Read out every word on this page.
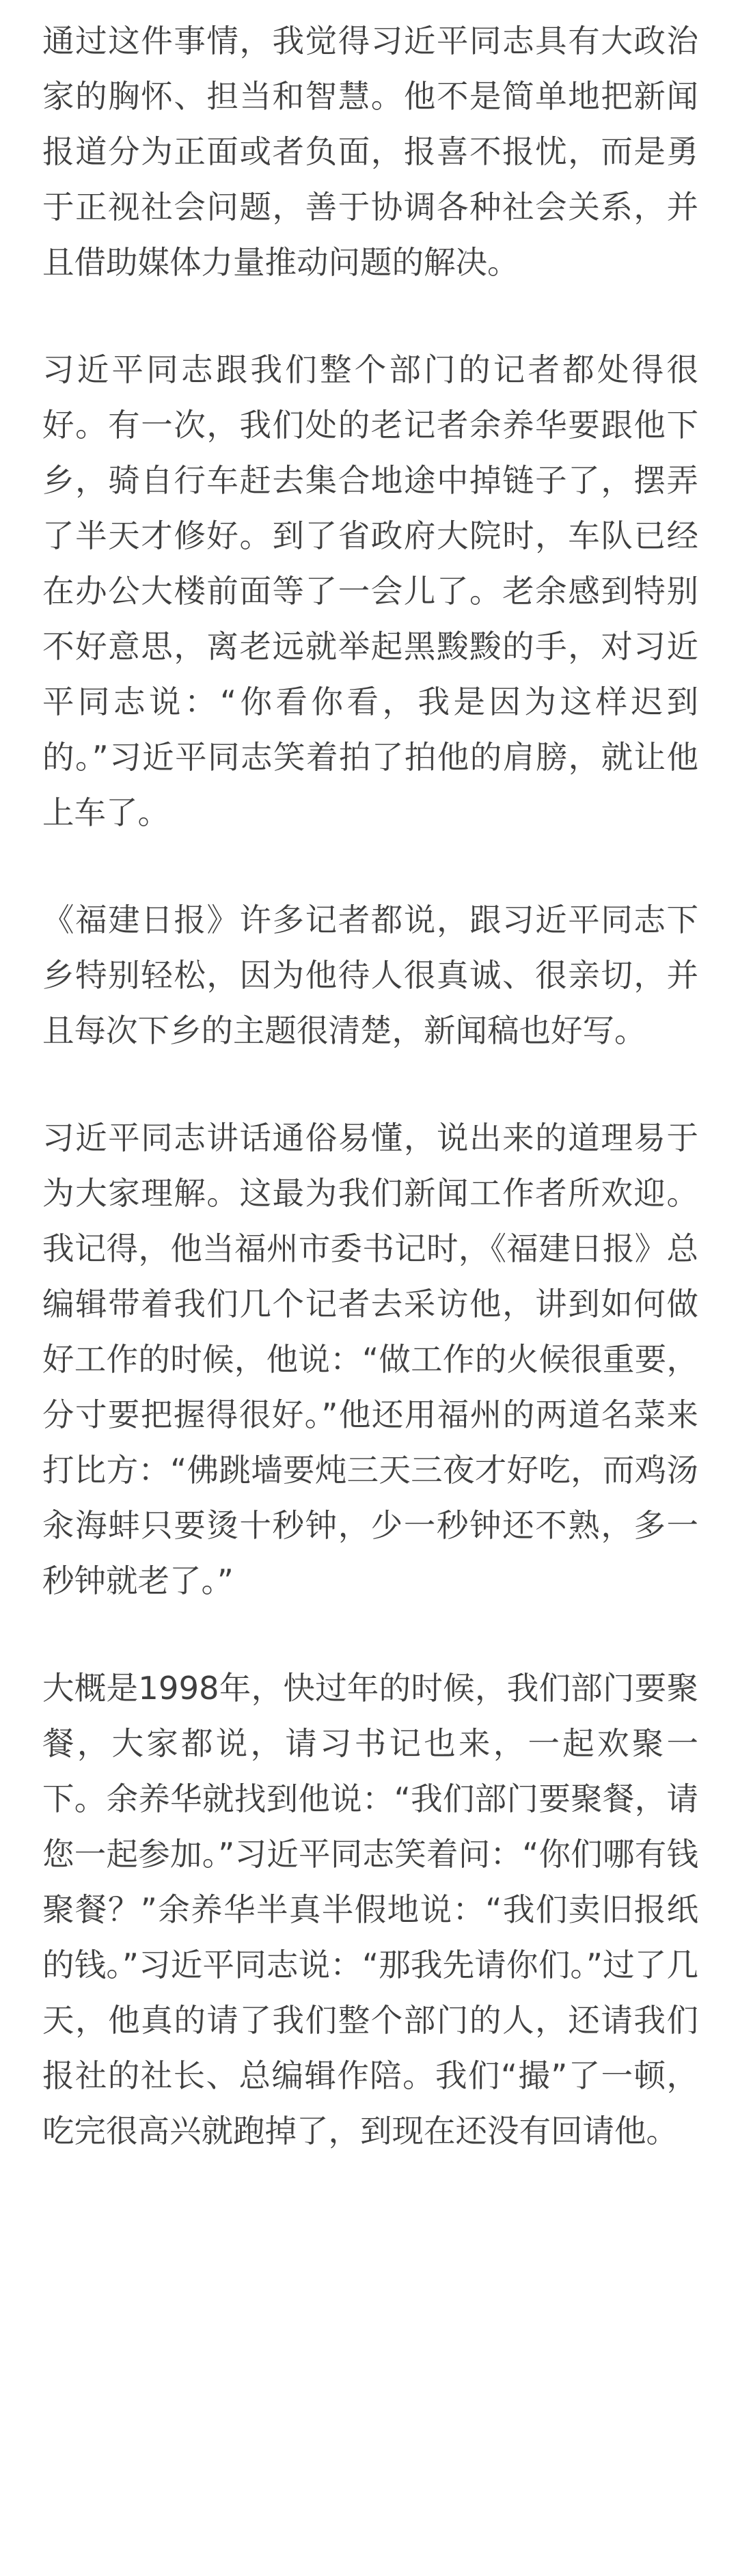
通过这件事情，我觉得习近平同志具有大政治家的胸怀、担当和智慧。他不是简单地把新闻报道分为正面或者负面，报喜不报忧，而是勇于正视社会问题，善于协调各种社会关系，并且借助媒体力量推动问题的解决。

习近平同志跟我们整个部门的记者都处得很好。有一次，我们处的老记者余养华要跟他下乡，骑自行车赶去集合地途中掉链子了，摆弄了半天才修好。到了省政府大院时，车队已经在办公大楼前面等了一会儿了。老余感到特别不好意思，离老远就举起黑黢黢的手，对习近平同志说：“你看你看，我是因为这样迟到的。”习近平同志笑着拍了拍他的肩膀，就让他上车了。

《福建日报》许多记者都说，跟习近平同志下乡特别轻松，因为他待人很真诚、很亲切，并且每次下乡的主题很清楚，新闻稿也好写。

习近平同志讲话通俗易懂，说出来的道理易于为大家理解。这最为我们新闻工作者所欢迎。我记得，他当福州市委书记时，《福建日报》总编辑带着我们几个记者去采访他，讲到如何做好工作的时候，他说：“做工作的火候很重要，分寸要把握得很好。”他还用福州的两道名菜来打比方：“佛跳墙要炖三天三夜才好吃，而鸡汤汆海蚌只要烫十秒钟，少一秒钟还不熟，多一秒钟就老了。”

大概是1998年，快过年的时候，我们部门要聚餐，大家都说，请习书记也来，一起欢聚一下。余养华就找到他说：“我们部门要聚餐，请您一起参加。”习近平同志笑着问：“你们哪有钱聚餐？”余养华半真半假地说：“我们卖旧报纸的钱。”习近平同志说：“那我先请你们。”过了几天，他真的请了我们整个部门的人，还请我们报社的社长、总编辑作陪。我们“撮”了一顿，吃完很高兴就跑掉了，到现在还没有回请他。
